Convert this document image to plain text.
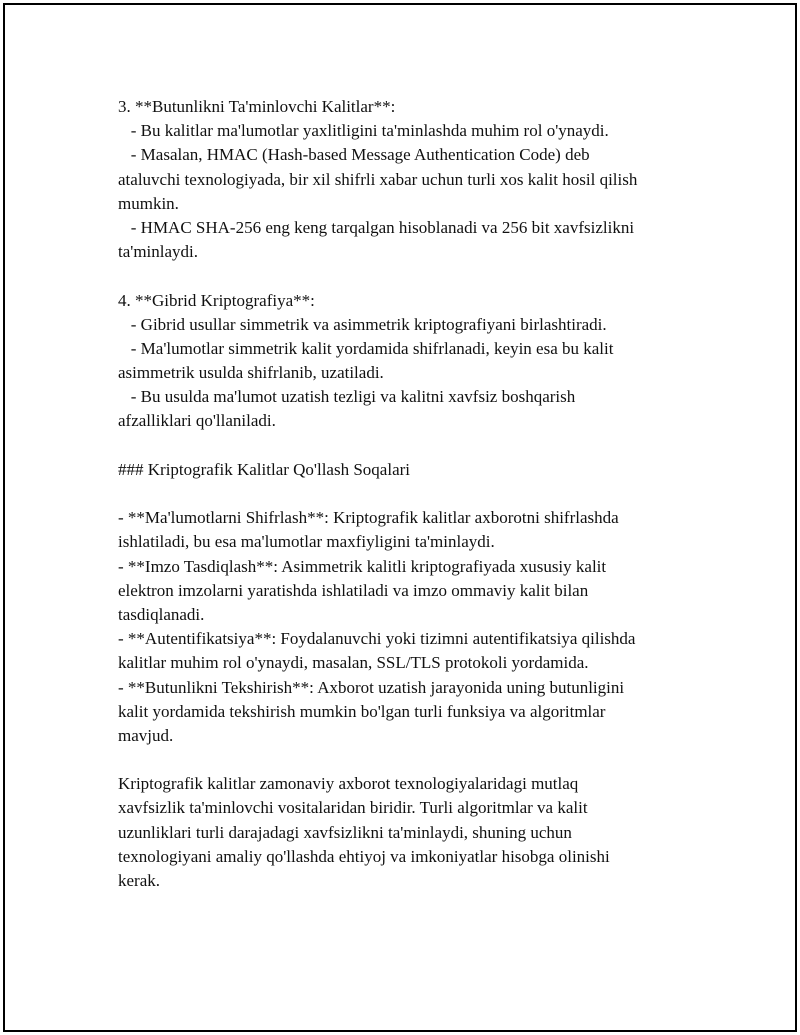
3. **Butunlikni Ta'minlovchi Kalitlar**:
- Bu kalitlar ma'lumotlar yaxlitligini ta'minlashda muhim rol o'ynaydi.
- Masalan, HMAC (Hash-based Message Authentication Code) deb
ataluvchi texnologiyada, bir xil shifrli xabar uchun turli xos kalit hosil qilish
mumkin.
- HMAC SHA-256 eng keng tarqalgan hisoblanadi va 256 bit xavfsizlikni
ta'minlaydi.
4. **Gibrid Kriptografiya**:
- Gibrid usullar simmetrik va asimmetrik kriptografiyani birlashtiradi.
- Ma'lumotlar simmetrik kalit yordamida shifrlanadi, keyin esa bu kalit
asimmetrik usulda shifrlanib, uzatiladi.
- Bu usulda ma'lumot uzatish tezligi va kalitni xavfsiz boshqarish
afzalliklari qo'llaniladi.
### Kriptografik Kalitlar Qo'llash Soqalari
- **Ma'lumotlarni Shifrlash**: Kriptografik kalitlar axborotni shifrlashda
ishlatiladi, bu esa ma'lumotlar maxfiyligini ta'minlaydi.
- **Imzo Tasdiqlash**: Asimmetrik kalitli kriptografiyada xususiy kalit
elektron imzolarni yaratishda ishlatiladi va imzo ommaviy kalit bilan
tasdiqlanadi.
- **Autentifikatsiya**: Foydalanuvchi yoki tizimni autentifikatsiya qilishda
kalitlar muhim rol o'ynaydi, masalan, SSL/TLS protokoli yordamida.
- **Butunlikni Tekshirish**: Axborot uzatish jarayonida uning butunligini
kalit yordamida tekshirish mumkin bo'lgan turli funksiya va algoritmlar
mavjud.
Kriptografik kalitlar zamonaviy axborot texnologiyalaridagi mutlaq
xavfsizlik ta'minlovchi vositalaridan biridir. Turli algoritmlar va kalit
uzunliklari turli darajadagi xavfsizlikni ta'minlaydi, shuning uchun
texnologiyani amaliy qo'llashda ehtiyoj va imkoniyatlar hisobga olinishi
kerak.
